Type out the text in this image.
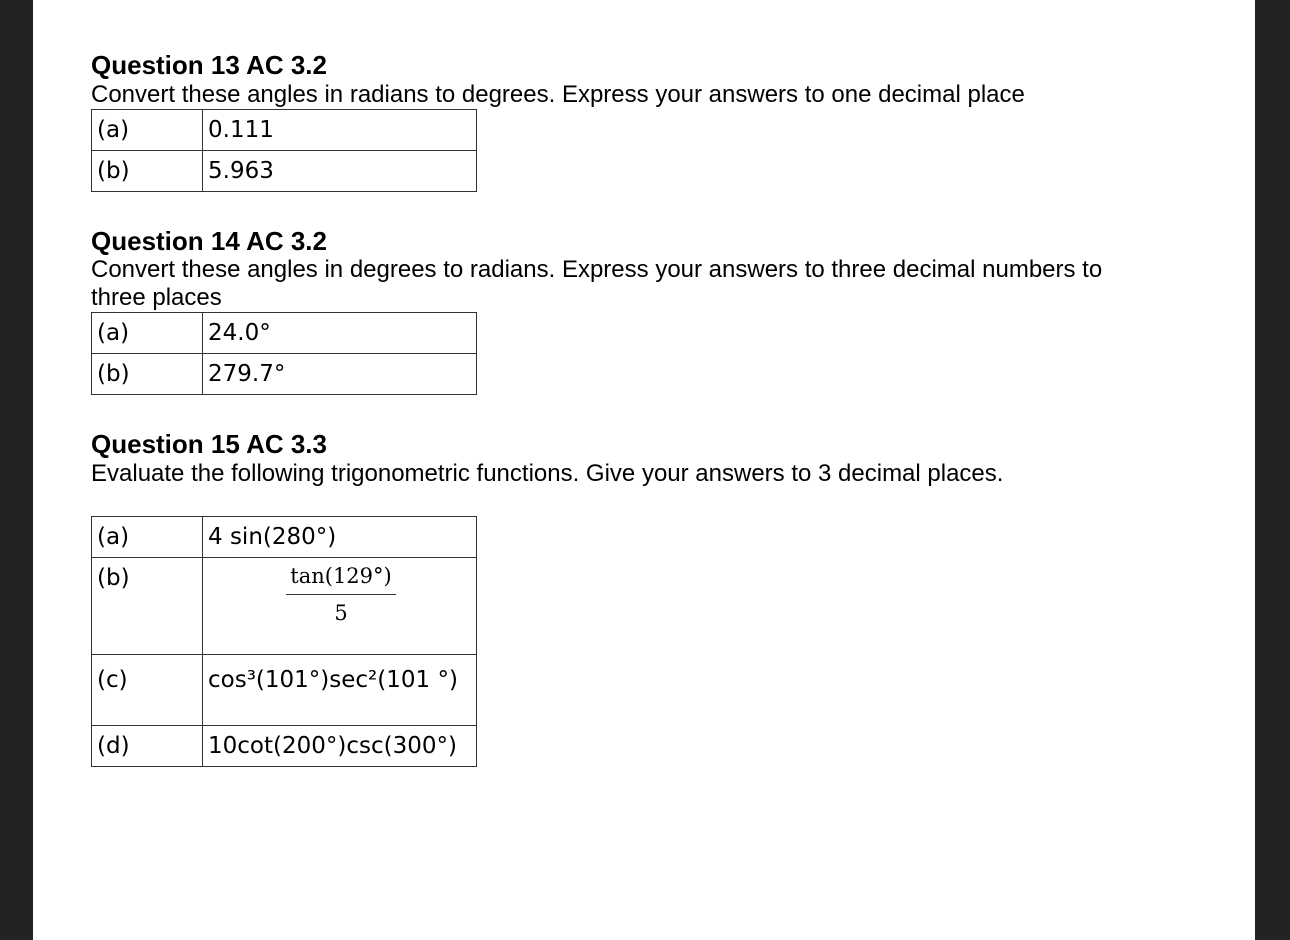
Question 13 AC 3.2

Convert these angles in radians to degrees. Express your answers to one decimal place

(a)	0.111
(b)	5.963

Question 14 AC 3.2

Convert these angles in degrees to radians. Express your answers to three decimal numbers to three places

(a)	24.0°
(b)	279.7°

Question 15 AC 3.3

Evaluate the following trigonometric functions. Give your answers to 3 decimal places.

(a)	4 sin(280°)
(b)	tan(129°)
5

(c)	cos³(101°)sec²(101 °)
(d)	10cot(200°)csc(300°)
